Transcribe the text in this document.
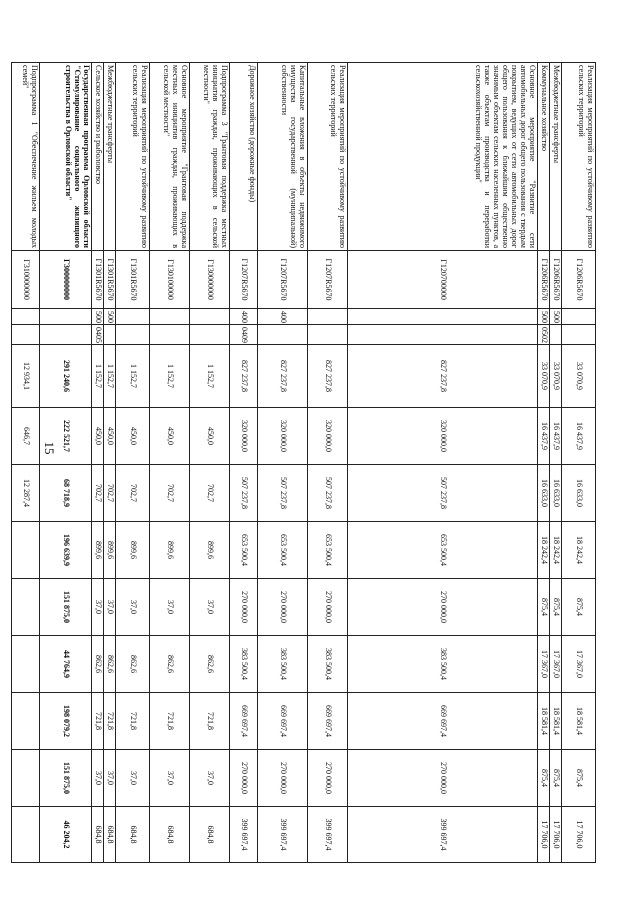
15
Реализация мероприятий по устойчивому развитию сельских территорий	Г1206R5670			33 070,9	16 437,9	16 633,0	18 242,4	875,4	17 367,0	18 581,4	875,4	17 706,0
Межбюджетные трансферты	Г1206R5670	500		33 070,9	16 437,9	16 633,0	18 242,4	875,4	17 367,0	18 581,4	875,4	17 706,0
Коммунальное хозяйство	Г1206R5670	500	0502	33 070,9	16 437,9	16 633,0	18 242,4	875,4	17 367,0	18 581,4	875,4	17 706,0
Основное мероприятие "Развитие сети автомобильных дорог общего пользования с твердым покрытием, ведущих от сети автомобильных дорог общего пользования к ближайшим общественно значимым объектам сельских населенных пунктов, а также объектам производства и переработки сельскохозяйственной продукции"	Г120700000			827 237,8	320 000,0	507 237,8	653 500,4	270 000,0	383 500,4	669 697,4	270 000,0	399 697,4
Реализация мероприятий по устойчивому развитию сельских территорий	Г1207R5670			827 237,8	320 000,0	507 237,8	653 500,4	270 000,0	383 500,4	669 697,4	270 000,0	399 697,4
Капитальные вложения в объекты недвижимого имущества государственной (муниципальной) собственности	Г1207R5670	400		827 237,8	320 000,0	507 237,8	653 500,4	270 000,0	383 500,4	669 697,4	270 000,0	399 697,4
Дорожное хозяйство (дорожные фонды)	Г1207R5670	400	0409	827 237,8	320 000,0	507 237,8	653 500,4	270 000,0	383 500,4	669 697,4	270 000,0	399 697,4
Подпрограмма 3 "Грантовая поддержка местных инициатив граждан, проживающих в сельской местности"	Г130000000			1 152,7	450,0	702,7	899,6	37,0	862,6	721,8	37,0	684,8
Основное мероприятие "Грантовая поддержка местных инициатив граждан, проживающих в сельской местности"	Г130100000			1 152,7	450,0	702,7	899,6	37,0	862,6	721,8	37,0	684,8
Реализация мероприятий по устойчивому развитию сельских территорий	Г1301R5670			1 152,7	450,0	702,7	899,6	37,0	862,6	721,8	37,0	684,8
Межбюджетные трансферты	Г1301R5670	500		1 152,7	450,0	702,7	899,6	37,0	862,6	721,8	37,0	684,8
Сельское хозяйство и рыболовство	Г1301R5670	500	0405	1 152,7	450,0	702,7	899,6	37,0	862,6	721,8	37,0	684,8
Государственная программа Орловской области "Стимулирование социального жилищного строительства в Орловской области"	Г300000000			291 240,6	222 521,7	68 718,9	196 639,9	151 875,0	44 764,9	198 079,2	151 875,0	46 204,2
Подпрограмма 1 "Обеспечение жильем молодых семей"	Г310000000			12 934,1	646,7	12 287,4						
